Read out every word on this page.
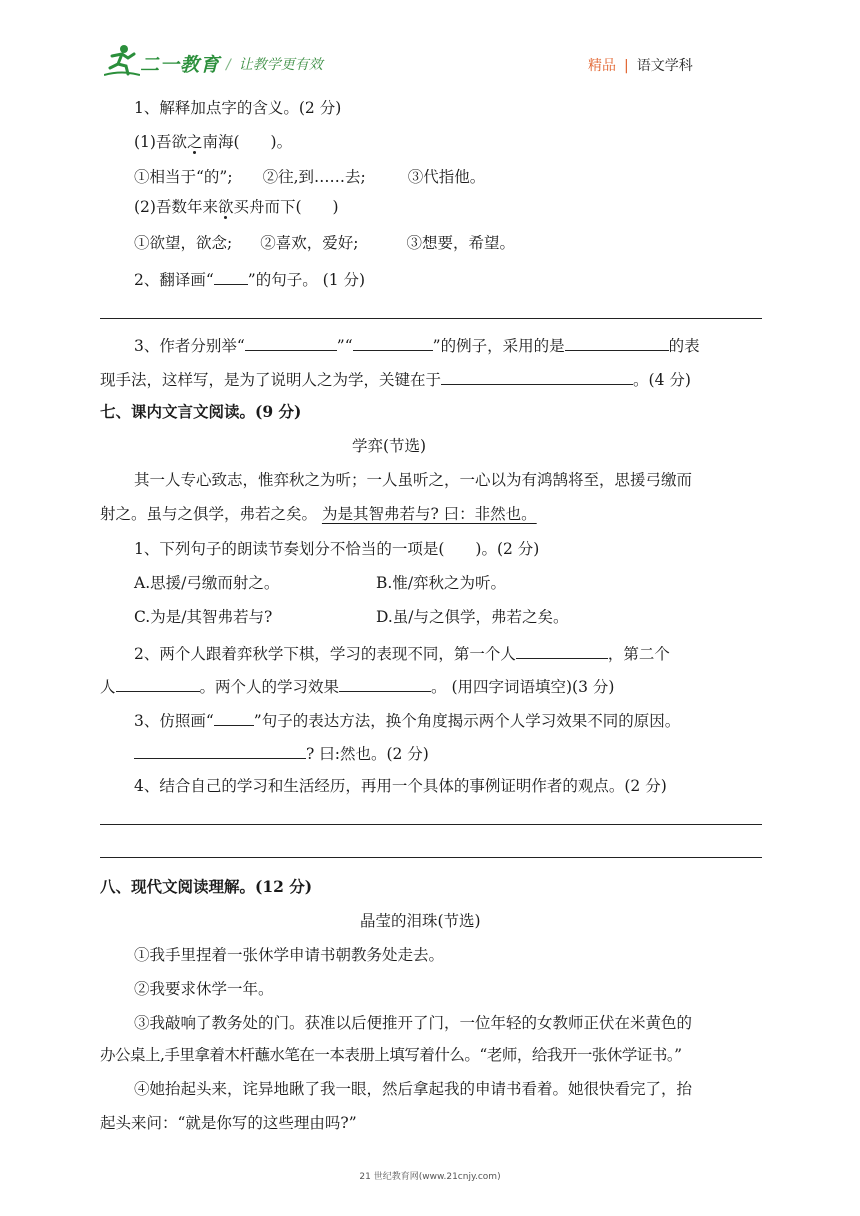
二一教育 / 让教学更有效	精品 | 语文学科
1、解释加点字的含义。(2 分)
(1)吾欲之南海(　　)。
①相当于“的”; ②往,到……去;	③代指他。
(2)吾数年来欲买舟而下(　　)
①欲望，欲念; ②喜欢，爱好;	③想要，希望。
2、翻译画“ ”的句子。 (1 分)
3、作者分别举“	”“	”的例子，采用的是	的表
现手法，这样写，是为了说明人之为学，关键在于	。(4 分)
七、课内文言文阅读。(9 分)
学弈(节选)
其一人专心致志，惟弈秋之为听；一人虽听之，一心以为有鸿鹄将至，思援弓缴而
射之。虽与之俱学，弗若之矣。 为是其智弗若与? 曰：非然也。
1、下列句子的朗读节奏划分不恰当的一项是(　　)。(2 分)
A.思援/弓缴而射之。	B.惟/弈秋之为听。
C.为是/其智弗若与?	D.虽/与之俱学，弗若之矣。
2、两个人跟着弈秋学下棋，学习的表现不同，第一个人	，第二个
人	。两个人的学习效果	。 (用四字词语填空)(3 分)
3、仿照画“	”句子的表达方法，换个角度揭示两个人学习效果不同的原因。
? 曰:然也。(2 分)
4、结合自己的学习和生活经历，再用一个具体的事例证明作者的观点。(2 分)
八、现代文阅读理解。(12 分)
晶莹的泪珠(节选)
①我手里捏着一张休学申请书朝教务处走去。
②我要求休学一年。
③我敲响了教务处的门。获准以后便推开了门，一位年轻的女教师正伏在米黄色的
办公桌上,手里拿着木杆蘸水笔在一本表册上填写着什么。“老师，给我开一张休学证书。”
④她抬起头来，诧异地瞅了我一眼，然后拿起我的申请书看着。她很快看完了，抬
起头来问：“就是你写的这些理由吗?”
21 世纪教育网(www.21cnjy.com)
